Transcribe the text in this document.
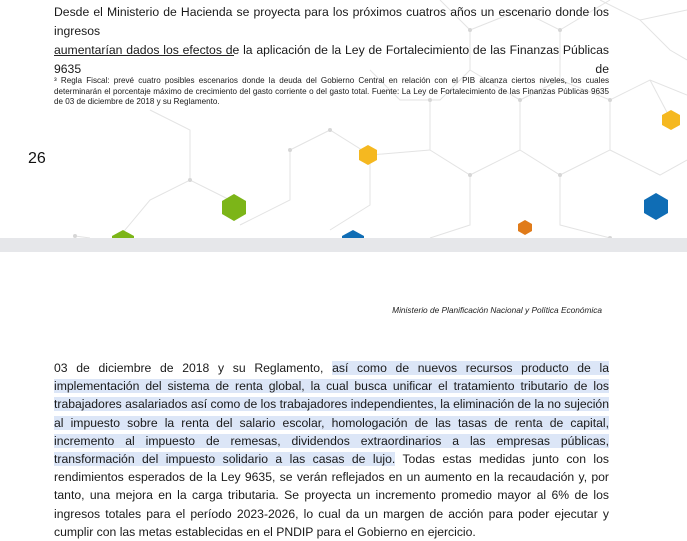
Desde el Ministerio de Hacienda se proyecta para los próximos cuatros años un escenario donde los ingresos
aumentarían dados los efectos de la aplicación de la Ley de Fortalecimiento de las Finanzas Públicas 9635 de

³ Regla Fiscal: prevé cuatro posibles escenarios donde la deuda del Gobierno Central en relación con el PIB alcanza ciertos niveles, los cuales determinarán el porcentaje máximo de crecimiento del gasto corriente o del gasto total. Fuente: La Ley de Fortalecimiento de las Finanzas Públicas 9635 de 03 de diciembre de 2018 y su Reglamento.

26
Ministerio de Planificación Nacional y Política Económica

03 de diciembre de 2018 y su Reglamento, así como de nuevos recursos producto de la implementación del sistema de renta global, la cual busca unificar el tratamiento tributario de los trabajadores asalariados así como de los trabajadores independientes, la eliminación de la no sujeción al impuesto sobre la renta del salario escolar, homologación de las tasas de renta de capital, incremento al impuesto de remesas, dividendos extraordinarios a las empresas públicas, transformación del impuesto solidario a las casas de lujo. Todas estas medidas junto con los rendimientos esperados de la Ley 9635, se verán reflejados en un aumento en la recaudación y, por tanto, una mejora en la carga tributaria. Se proyecta un incremento promedio mayor al 6% de los ingresos totales para el período 2023-2026, lo cual da un margen de acción para poder ejecutar y cumplir con las metas establecidas en el PNDIP para el Gobierno en ejercicio.
